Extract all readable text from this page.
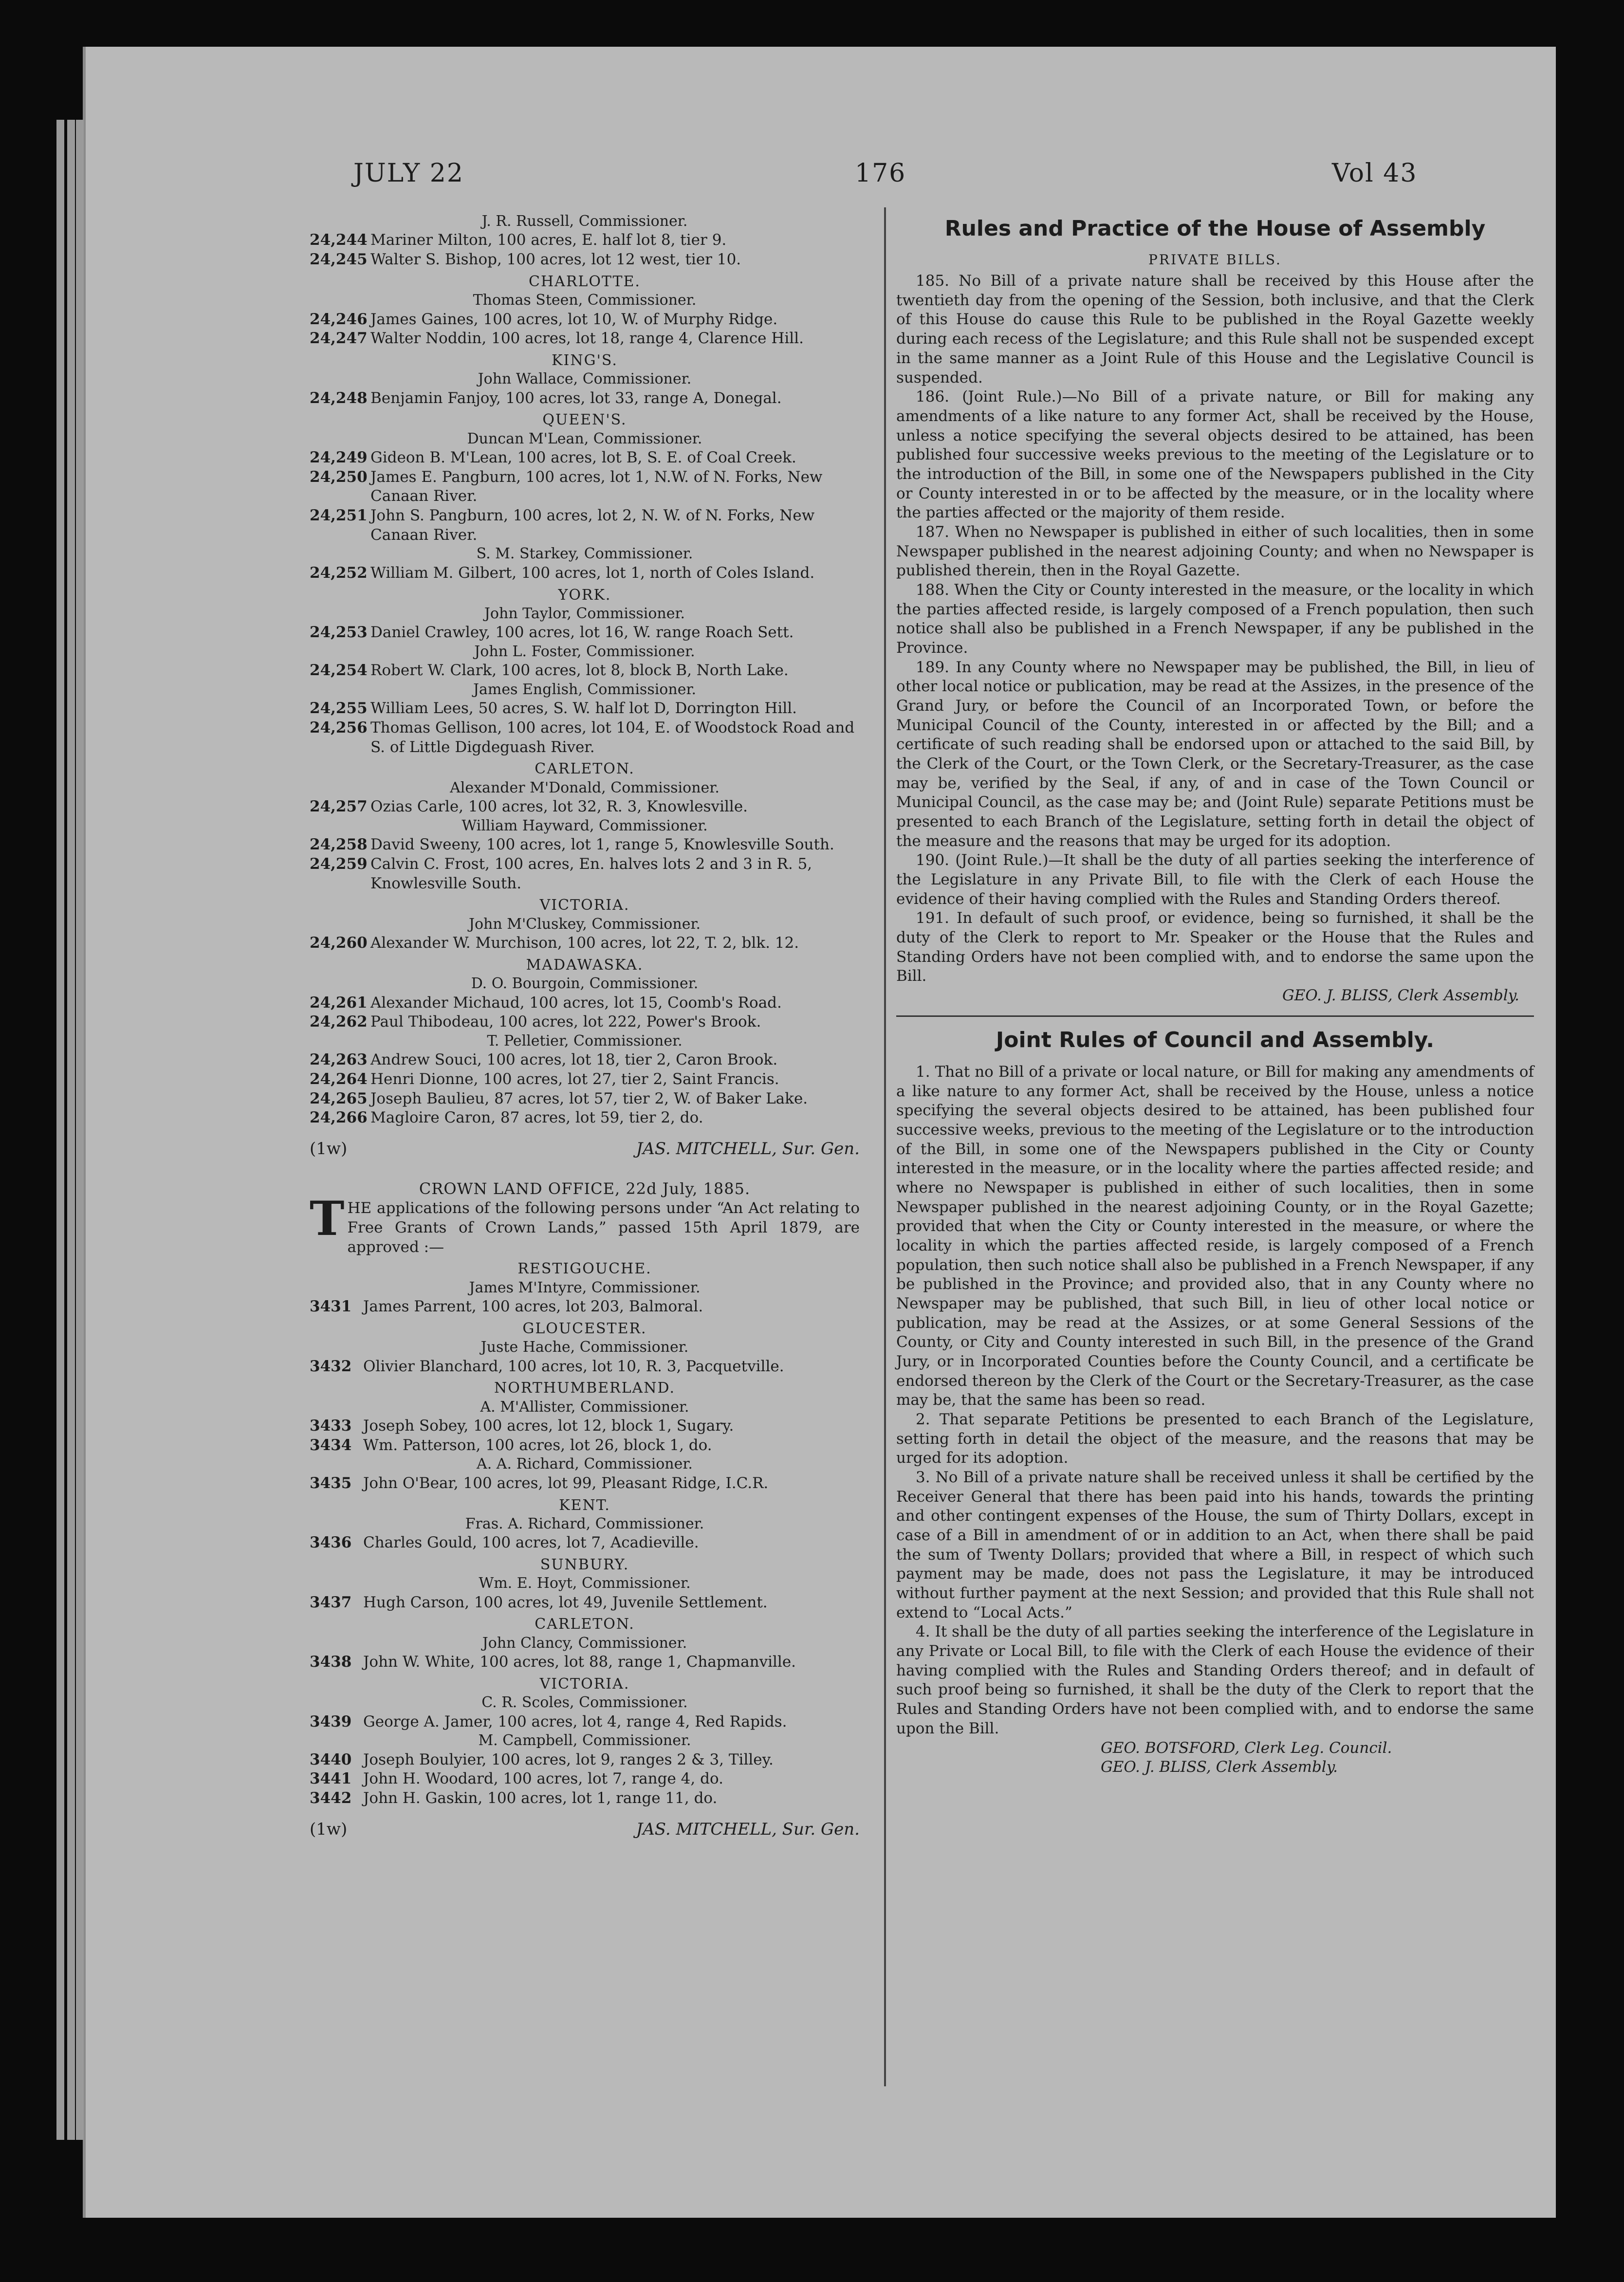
JULY 22	176	Vol 43
J. R. Russell, Commissioner.
24,244 Mariner Milton, 100 acres, E. half lot 8, tier 9.
24,245 Walter S. Bishop, 100 acres, lot 12 west, tier 10.
CHARLOTTE.
Thomas Steen, Commissioner.
24,246 James Gaines, 100 acres, lot 10, W. of Murphy Ridge.
24,247 Walter Noddin, 100 acres, lot 18, range 4, Clarence Hill.
KING'S.
John Wallace, Commissioner.
24,248 Benjamin Fanjoy, 100 acres, lot 33, range A, Donegal.
QUEEN'S.
Duncan M'Lean, Commissioner.
24,249 Gideon B. M'Lean, 100 acres, lot B, S. E. of Coal Creek.
24,250 James E. Pangburn, 100 acres, lot 1, N.W. of N. Forks, New Canaan River.
24,251 John S. Pangburn, 100 acres, lot 2, N. W. of N. Forks, New Canaan River.
S. M. Starkey, Commissioner.
24,252 William M. Gilbert, 100 acres, lot 1, north of Coles Island.
YORK.
John Taylor, Commissioner.
24,253 Daniel Crawley, 100 acres, lot 16, W. range Roach Sett.
John L. Foster, Commissioner.
24,254 Robert W. Clark, 100 acres, lot 8, block B, North Lake.
James English, Commissioner.
24,255 William Lees, 50 acres, S. W. half lot D, Dorrington Hill.
24,256 Thomas Gellison, 100 acres, lot 104, E. of Woodstock Road and S. of Little Digdeguash River.
CARLETON.
Alexander M'Donald, Commissioner.
24,257 Ozias Carle, 100 acres, lot 32, R. 3, Knowlesville.
William Hayward, Commissioner.
24,258 David Sweeny, 100 acres, lot 1, range 5, Knowlesville South.
24,259 Calvin C. Frost, 100 acres, En. halves lots 2 and 3 in R. 5, Knowlesville South.
VICTORIA.
John M'Cluskey, Commissioner.
24,260 Alexander W. Murchison, 100 acres, lot 22, T. 2, blk. 12.
MADAWASKA.
D. O. Bourgoin, Commissioner.
24,261 Alexander Michaud, 100 acres, lot 15, Coomb's Road.
24,262 Paul Thibodeau, 100 acres, lot 222, Power's Brook.
T. Pelletier, Commissioner.
24,263 Andrew Souci, 100 acres, lot 18, tier 2, Caron Brook.
24,264 Henri Dionne, 100 acres, lot 27, tier 2, Saint Francis.
24,265 Joseph Baulieu, 87 acres, lot 57, tier 2, W. of Baker Lake.
24,266 Magloire Caron, 87 acres, lot 59, tier 2, do.
(1w)	JAS. MITCHELL, Sur. Gen.
CROWN LAND OFFICE, 22d July, 1885.
THE applications of the following persons under “An Act relating to Free Grants of Crown Lands,” passed 15th April 1879, are approved :—
RESTIGOUCHE.
James M'Intyre, Commissioner.
3431 James Parrent, 100 acres, lot 203, Balmoral.
GLOUCESTER.
Juste Hache, Commissioner.
3432 Olivier Blanchard, 100 acres, lot 10, R. 3, Pacquetville.
NORTHUMBERLAND.
A. M'Allister, Commissioner.
3433 Joseph Sobey, 100 acres, lot 12, block 1, Sugary.
3434 Wm. Patterson, 100 acres, lot 26, block 1, do.
A. A. Richard, Commissioner.
3435 John O'Bear, 100 acres, lot 99, Pleasant Ridge, I.C.R.
KENT.
Fras. A. Richard, Commissioner.
3436 Charles Gould, 100 acres, lot 7, Acadieville.
SUNBURY.
Wm. E. Hoyt, Commissioner.
3437 Hugh Carson, 100 acres, lot 49, Juvenile Settlement.
CARLETON.
John Clancy, Commissioner.
3438 John W. White, 100 acres, lot 88, range 1, Chapmanville.
VICTORIA.
C. R. Scoles, Commissioner.
3439 George A. Jamer, 100 acres, lot 4, range 4, Red Rapids.
M. Campbell, Commissioner.
3440 Joseph Boulyier, 100 acres, lot 9, ranges 2 & 3, Tilley.
3441 John H. Woodard, 100 acres, lot 7, range 4, do.
3442 John H. Gaskin, 100 acres, lot 1, range 11, do.
(1w)	JAS. MITCHELL, Sur. Gen.
Rules and Practice of the House of Assembly
PRIVATE BILLS.

185. No Bill of a private nature shall be received by this House after the twentieth day from the opening of the Session, both inclusive, and that the Clerk of this House do cause this Rule to be published in the Royal Gazette weekly during each recess of the Legislature; and this Rule shall not be suspended except in the same manner as a Joint Rule of this House and the Legislative Council is suspended.

186. (Joint Rule.)—No Bill of a private nature, or Bill for making any amendments of a like nature to any former Act, shall be received by the House, unless a notice specifying the several objects desired to be attained, has been published four successive weeks previous to the meeting of the Legislature or to the introduction of the Bill, in some one of the Newspapers published in the City or County interested in or to be affected by the measure, or in the locality where the parties affected or the majority of them reside.

187. When no Newspaper is published in either of such localities, then in some Newspaper published in the nearest adjoining County; and when no Newspaper is published therein, then in the Royal Gazette.

188. When the City or County interested in the measure, or the locality in which the parties affected reside, is largely composed of a French population, then such notice shall also be published in a French Newspaper, if any be published in the Province.

189. In any County where no Newspaper may be published, the Bill, in lieu of other local notice or publication, may be read at the Assizes, in the presence of the Grand Jury, or before the Council of an Incorporated Town, or before the Municipal Council of the County, interested in or affected by the Bill; and a certificate of such reading shall be endorsed upon or attached to the said Bill, by the Clerk of the Court, or the Town Clerk, or the Secretary-Treasurer, as the case may be, verified by the Seal, if any, of and in case of the Town Council or Municipal Council, as the case may be; and (Joint Rule) separate Petitions must be presented to each Branch of the Legislature, setting forth in detail the object of the measure and the reasons that may be urged for its adoption.

190. (Joint Rule.)—It shall be the duty of all parties seeking the interference of the Legislature in any Private Bill, to file with the Clerk of each House the evidence of their having complied with the Rules and Standing Orders thereof.

191. In default of such proof, or evidence, being so furnished, it shall be the duty of the Clerk to report to Mr. Speaker or the House that the Rules and Standing Orders have not been complied with, and to endorse the same upon the Bill.

GEO. J. BLISS, Clerk Assembly.
Joint Rules of Council and Assembly.

1. That no Bill of a private or local nature, or Bill for making any amendments of a like nature to any former Act, shall be received by the House, unless a notice specifying the several objects desired to be attained, has been published four successive weeks, previous to the meeting of the Legislature or to the introduction of the Bill, in some one of the Newspapers published in the City or County interested in the measure, or in the locality where the parties affected reside; and where no Newspaper is published in either of such localities, then in some Newspaper published in the nearest adjoining County, or in the Royal Gazette; provided that when the City or County interested in the measure, or where the locality in which the parties affected reside, is largely composed of a French population, then such notice shall also be published in a French Newspaper, if any be published in the Province; and provided also, that in any County where no Newspaper may be published, that such Bill, in lieu of other local notice or publication, may be read at the Assizes, or at some General Sessions of the County, or City and County interested in such Bill, in the presence of the Grand Jury, or in Incorporated Counties before the County Council, and a certificate be endorsed thereon by the Clerk of the Court or the Secretary-Treasurer, as the case may be, that the same has been so read.

2. That separate Petitions be presented to each Branch of the Legislature, setting forth in detail the object of the measure, and the reasons that may be urged for its adoption.

3. No Bill of a private nature shall be received unless it shall be certified by the Receiver General that there has been paid into his hands, towards the printing and other contingent expenses of the House, the sum of Thirty Dollars, except in case of a Bill in amendment of or in addition to an Act, when there shall be paid the sum of Twenty Dollars; provided that where a Bill, in respect of which such payment may be made, does not pass the Legislature, it may be introduced without further payment at the next Session; and provided that this Rule shall not extend to “Local Acts.”

4. It shall be the duty of all parties seeking the interference of the Legislature in any Private or Local Bill, to file with the Clerk of each House the evidence of their having complied with the Rules and Standing Orders thereof; and in default of such proof being so furnished, it shall be the duty of the Clerk to report that the Rules and Standing Orders have not been complied with, and to endorse the same upon the Bill.

GEO. BOTSFORD, Clerk Leg. Council.
GEO. J. BLISS, Clerk Assembly.
